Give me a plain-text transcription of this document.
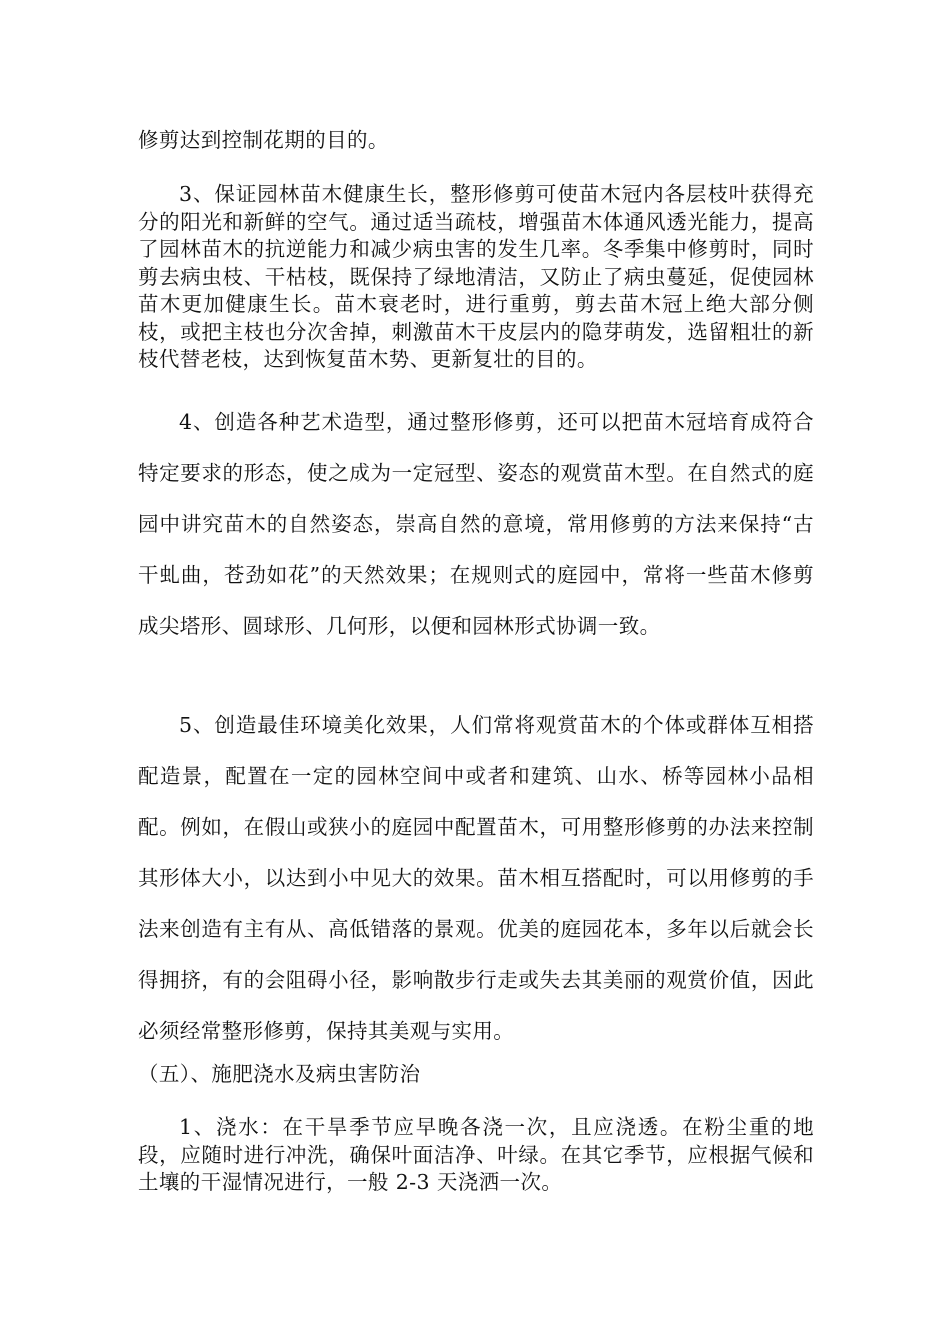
修剪达到控制花期的目的。

3、保证园林苗木健康生长，整形修剪可使苗木冠内各层枝叶获得充分的阳光和新鲜的空气。通过适当疏枝，增强苗木体通风透光能力，提高了园林苗木的抗逆能力和减少病虫害的发生几率。冬季集中修剪时，同时剪去病虫枝、干枯枝，既保持了绿地清洁，又防止了病虫蔓延，促使园林苗木更加健康生长。苗木衰老时，进行重剪，剪去苗木冠上绝大部分侧枝，或把主枝也分次舍掉，刺激苗木干皮层内的隐芽萌发，选留粗壮的新枝代替老枝，达到恢复苗木势、更新复壮的目的。

4、创造各种艺术造型，通过整形修剪，还可以把苗木冠培育成符合特定要求的形态，使之成为一定冠型、姿态的观赏苗木型。在自然式的庭园中讲究苗木的自然姿态，崇高自然的意境，常用修剪的方法来保持“古干虬曲，苍劲如花”的天然效果；在规则式的庭园中，常将一些苗木修剪成尖塔形、圆球形、几何形，以便和园林形式协调一致。

5、创造最佳环境美化效果，人们常将观赏苗木的个体或群体互相搭配造景，配置在一定的园林空间中或者和建筑、山水、桥等园林小品相配。例如，在假山或狭小的庭园中配置苗木，可用整形修剪的办法来控制其形体大小，以达到小中见大的效果。苗木相互搭配时，可以用修剪的手法来创造有主有从、高低错落的景观。优美的庭园花本，多年以后就会长得拥挤，有的会阻碍小径，影响散步行走或失去其美丽的观赏价值，因此必须经常整形修剪，保持其美观与实用。

（五）、施肥浇水及病虫害防治

1、浇水：在干旱季节应早晚各浇一次，且应浇透。在粉尘重的地段，应随时进行冲洗，确保叶面洁净、叶绿。在其它季节，应根据气候和土壤的干湿情况进行，一般 2-3 天浇洒一次。
